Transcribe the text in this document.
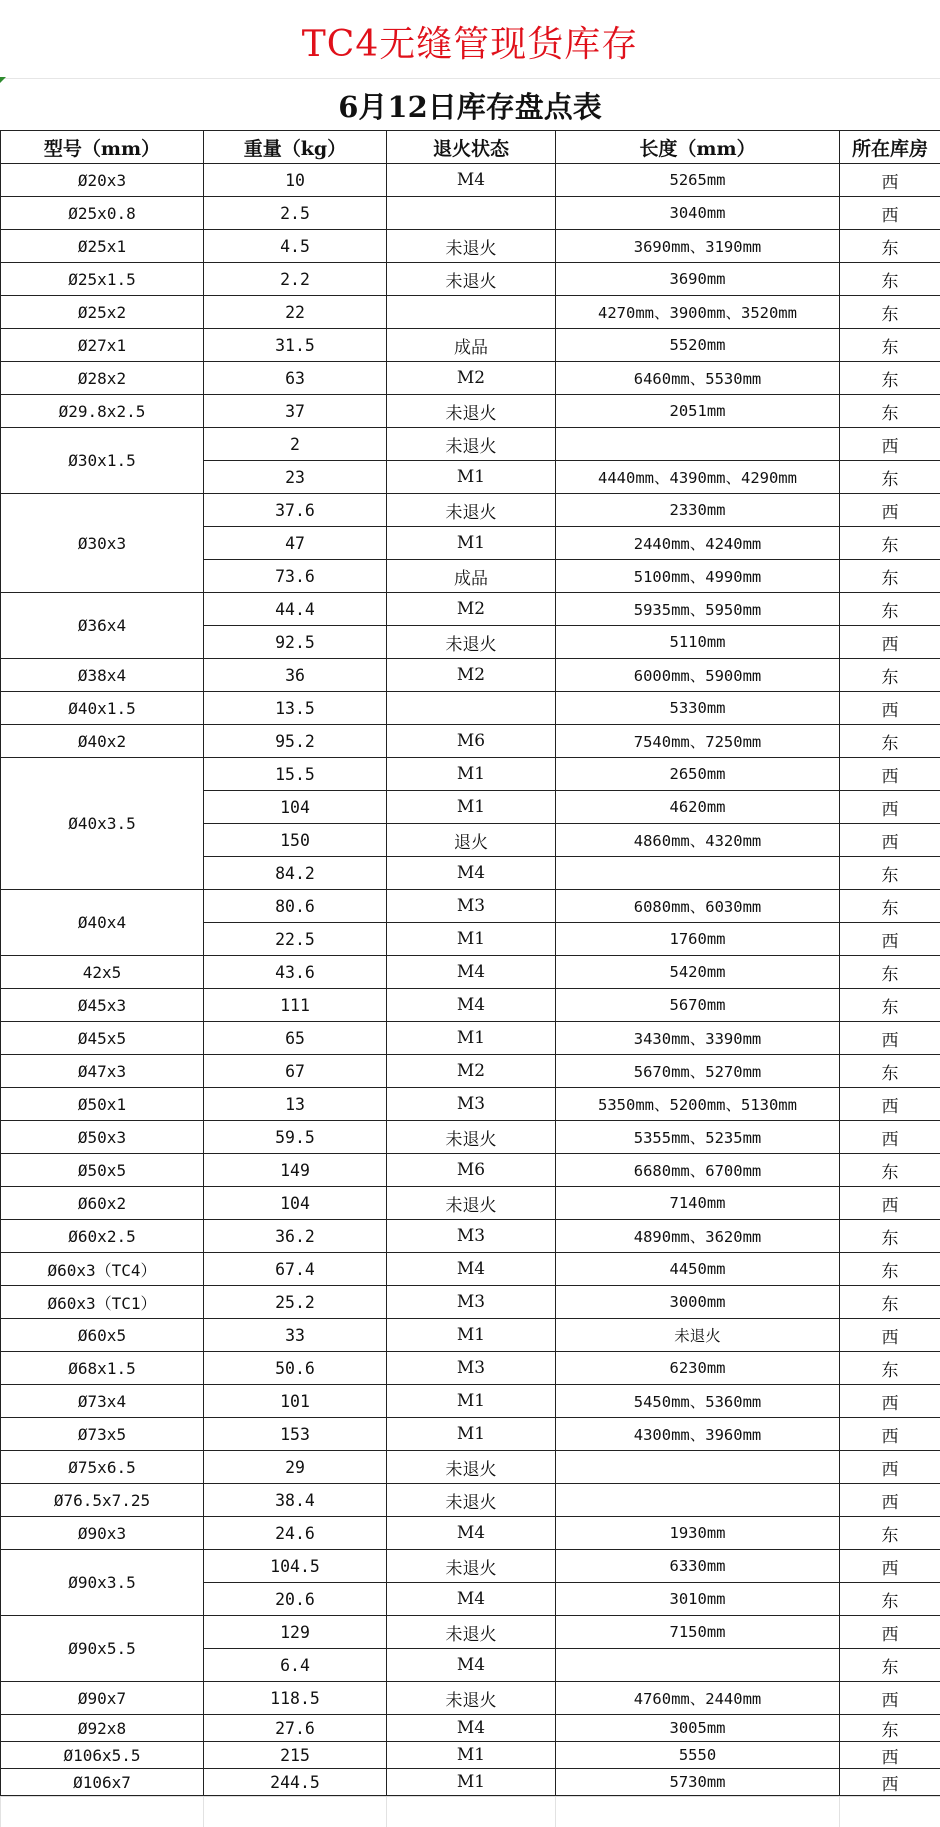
TC4无缝管现货库存
6月12日库存盘点表
型号（mm）	重量（kg）	退火状态	长度（mm）	所在库房
Ø20x3	10	M4	5265mm	西
Ø25x0.8	2.5		3040mm	西
Ø25x1	4.5	未退火	3690mm、3190mm	东
Ø25x1.5	2.2	未退火	3690mm	东
Ø25x2	22		4270mm、3900mm、3520mm	东
Ø27x1	31.5	成品	5520mm	东
Ø28x2	63	M2	6460mm、5530mm	东
Ø29.8x2.5	37	未退火	2051mm	东
Ø30x1.5	2	未退火		西
	23	M1	4440mm、4390mm、4290mm	东
Ø30x3	37.6	未退火	2330mm	西
	47	M1	2440mm、4240mm	东
	73.6	成品	5100mm、4990mm	东
Ø36x4	44.4	M2	5935mm、5950mm	东
	92.5	未退火	5110mm	西
Ø38x4	36	M2	6000mm、5900mm	东
Ø40x1.5	13.5		5330mm	西
Ø40x2	95.2	M6	7540mm、7250mm	东
Ø40x3.5	15.5	M1	2650mm	西
	104	M1	4620mm	西
	150	退火	4860mm、4320mm	西
	84.2	M4		东
Ø40x4	80.6	M3	6080mm、6030mm	东
	22.5	M1	1760mm	西
42x5	43.6	M4	5420mm	东
Ø45x3	111	M4	5670mm	东
Ø45x5	65	M1	3430mm、3390mm	西
Ø47x3	67	M2	5670mm、5270mm	东
Ø50x1	13	M3	5350mm、5200mm、5130mm	西
Ø50x3	59.5	未退火	5355mm、5235mm	西
Ø50x5	149	M6	6680mm、6700mm	东
Ø60x2	104	未退火	7140mm	西
Ø60x2.5	36.2	M3	4890mm、3620mm	东
Ø60x3（TC4）	67.4	M4	4450mm	东
Ø60x3（TC1）	25.2	M3	3000mm	东
Ø60x5	33	M1	未退火	西
Ø68x1.5	50.6	M3	6230mm	东
Ø73x4	101	M1	5450mm、5360mm	西
Ø73x5	153	M1	4300mm、3960mm	西
Ø75x6.5	29	未退火		西
Ø76.5x7.25	38.4	未退火		西
Ø90x3	24.6	M4	1930mm	东
Ø90x3.5	104.5	未退火	6330mm	西
	20.6	M4	3010mm	东
Ø90x5.5	129	未退火	7150mm	西
	6.4	M4		东
Ø90x7	118.5	未退火	4760mm、2440mm	西
Ø92x8	27.6	M4	3005mm	东
Ø106x5.5	215	M1	5550	西
Ø106x7	244.5	M1	5730mm	西
